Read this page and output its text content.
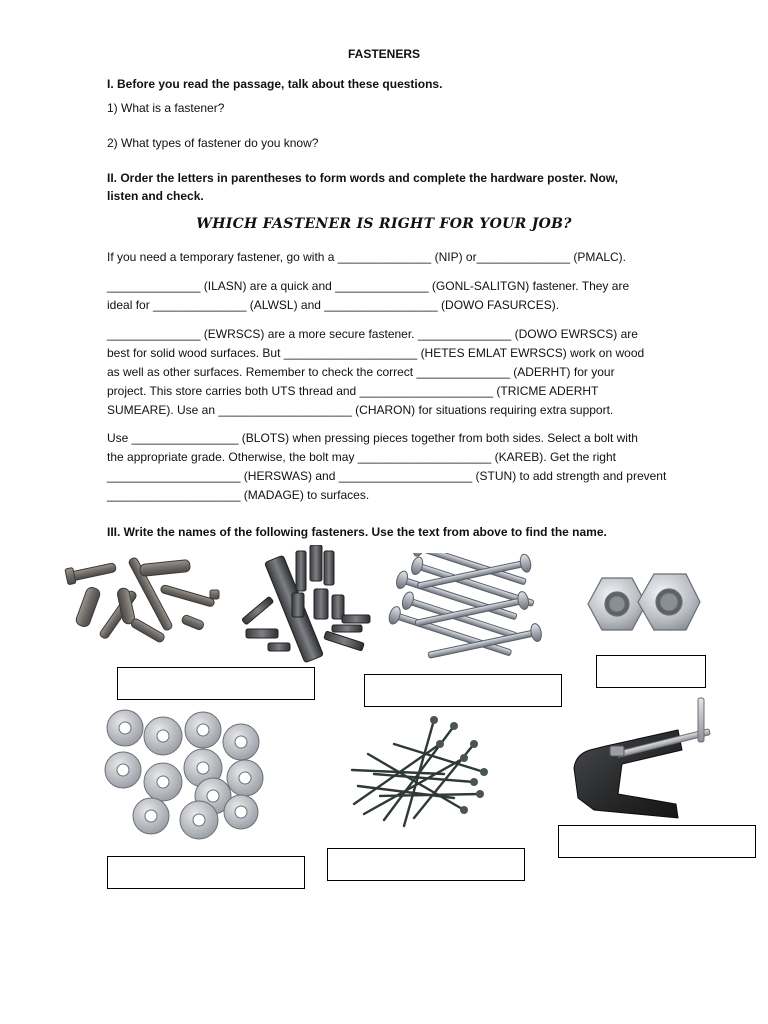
FASTENERS
I. Before you read the passage, talk about these questions.
1) What is a fastener?
2) What types of fastener do you know?
II. Order the letters in parentheses to form words and complete the hardware poster. Now,
listen and check.
WHICH FASTENER IS RIGHT FOR YOUR JOB?
If you need a temporary fastener, go with a ______________ (NIP) or______________ (PMALC).
______________ (ILASN) are a quick and ______________ (GONL-SALITGN) fastener. They are
ideal for ______________ (ALWSL) and _________________ (DOWO FASURCES).
______________ (EWRSCS) are a more secure fastener. ______________ (DOWO EWRSCS) are
best for solid wood surfaces. But ____________________ (HETES EMLAT EWRSCS) work on wood
as well as other surfaces. Remember to check the correct ______________ (ADERHT) for your
project. This store carries both UTS thread and ____________________ (TRICME ADERHT
SUMEARE). Use an ____________________ (CHARON) for situations requiring extra support.
Use ________________ (BLOTS) when pressing pieces together from both sides. Select a bolt with
the appropriate grade. Otherwise, the bolt may ____________________ (KAREB). Get the right
____________________ (HERSWAS) and ____________________ (STUN) to add strength and prevent
____________________ (MADAGE) to surfaces.
III. Write the names of the following fasteners. Use the text from above to find the name.
